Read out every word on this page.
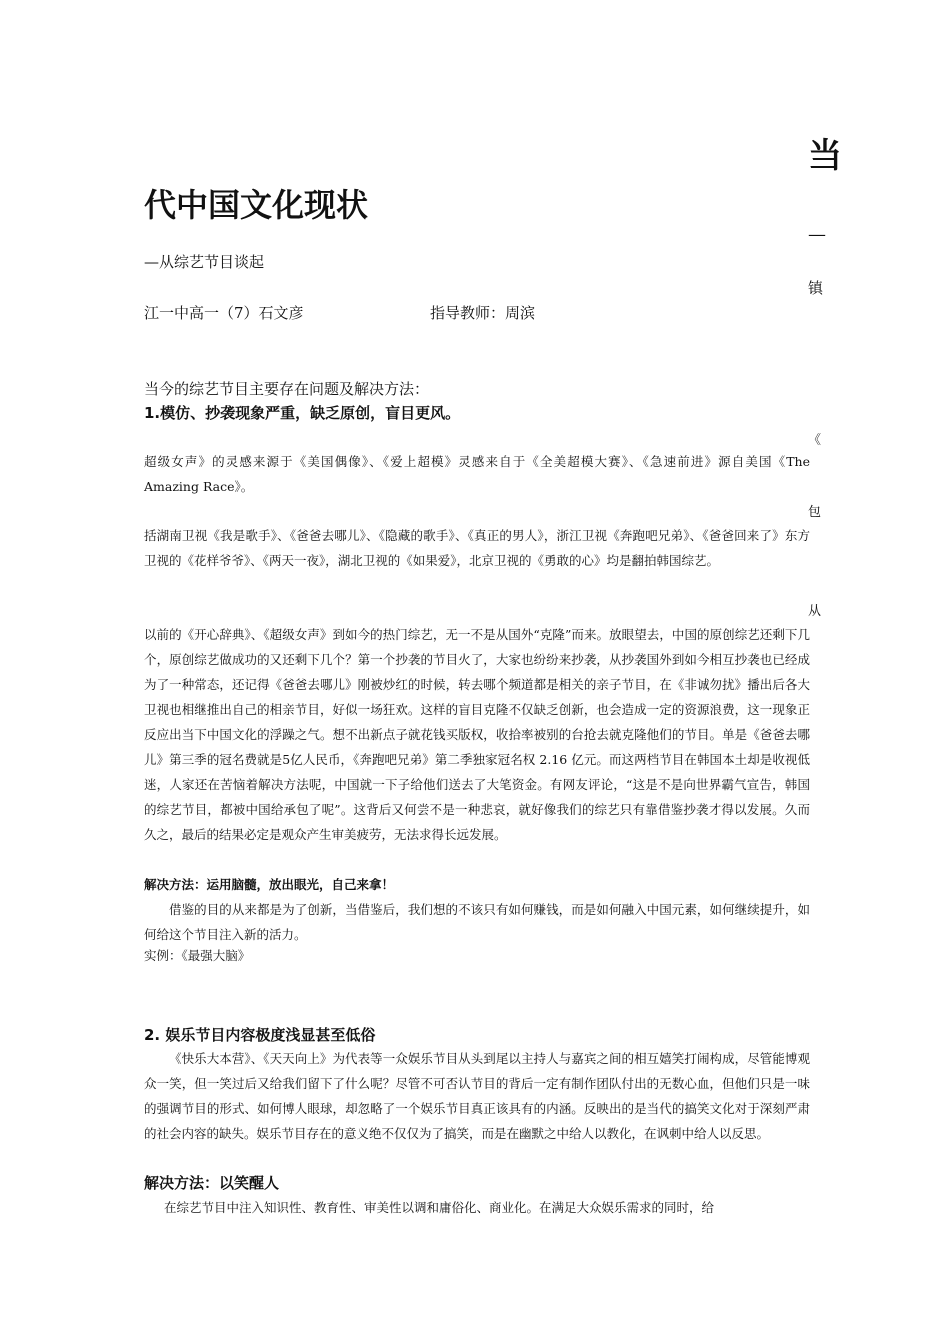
当
代中国文化现状
—
—从综艺节目谈起
镇
江一中高一（7）石文彦	指导教师：周滨
当今的综艺节目主要存在问题及解决方法：
1.模仿、抄袭现象严重，缺乏原创，盲目更风。
《

超级女声》的灵感来源于《美国偶像》、《爱上超模》灵感来自于《全美超模大赛》、《急速前进》源自美国《The Amazing Race》。

包

括湖南卫视《我是歌手》、《爸爸去哪儿》、《隐藏的歌手》、《真正的男人》，浙江卫视《奔跑吧兄弟》、《爸爸回来了》东方卫视的《花样爷爷》、《两天一夜》，湖北卫视的《如果爱》，北京卫视的《勇敢的心》均是翻拍韩国综艺。

从

以前的《开心辞典》、《超级女声》到如今的热门综艺，无一不是从国外“克隆”而来。放眼望去，中国的原创综艺还剩下几个，原创综艺做成功的又还剩下几个？第一个抄袭的节目火了，大家也纷纷来抄袭，从抄袭国外到如今相互抄袭也已经成为了一种常态，还记得《爸爸去哪儿》刚被炒红的时候，转去哪个频道都是相关的亲子节目，在《非诚勿扰》播出后各大卫视也相继推出自己的相亲节目，好似一场狂欢。这样的盲目克隆不仅缺乏创新，也会造成一定的资源浪费，这一现象正反应出当下中国文化的浮躁之气。想不出新点子就花钱买版权，收拾率被别的台抢去就克隆他们的节目。单是《爸爸去哪儿》第三季的冠名费就是5亿人民币，《奔跑吧兄弟》第二季独家冠名权 2.16 亿元。而这两档节目在韩国本土却是收视低迷，人家还在苦恼着解决方法呢，中国就一下子给他们送去了大笔资金。有网友评论，“这是不是向世界霸气宣告，韩国的综艺节目，都被中国给承包了呢”。这背后又何尝不是一种悲哀，就好像我们的综艺只有靠借鉴抄袭才得以发展。久而久之，最后的结果必定是观众产生审美疲劳，无法求得长远发展。

解决方法：运用脑髓，放出眼光，自己来拿！

借鉴的目的从来都是为了创新，当借鉴后，我们想的不该只有如何赚钱，而是如何融入中国元素，如何继续提升，如何给这个节目注入新的活力。

实例：《最强大脑》
2. 娱乐节目内容极度浅显甚至低俗

《快乐大本营》、《天天向上》为代表等一众娱乐节目从头到尾以主持人与嘉宾之间的相互嬉笑打闹构成，尽管能博观众一笑，但一笑过后又给我们留下了什么呢？尽管不可否认节目的背后一定有制作团队付出的无数心血，但他们只是一味的强调节目的形式、如何博人眼球，却忽略了一个娱乐节目真正该具有的内涵。反映出的是当代的搞笑文化对于深刻严肃的社会内容的缺失。娱乐节目存在的意义绝不仅仅为了搞笑，而是在幽默之中给人以教化，在讽刺中给人以反思。

解决方法：以笑醒人

在综艺节目中注入知识性、教育性、审美性以调和庸俗化、商业化。在满足大众娱乐需求的同时，给
